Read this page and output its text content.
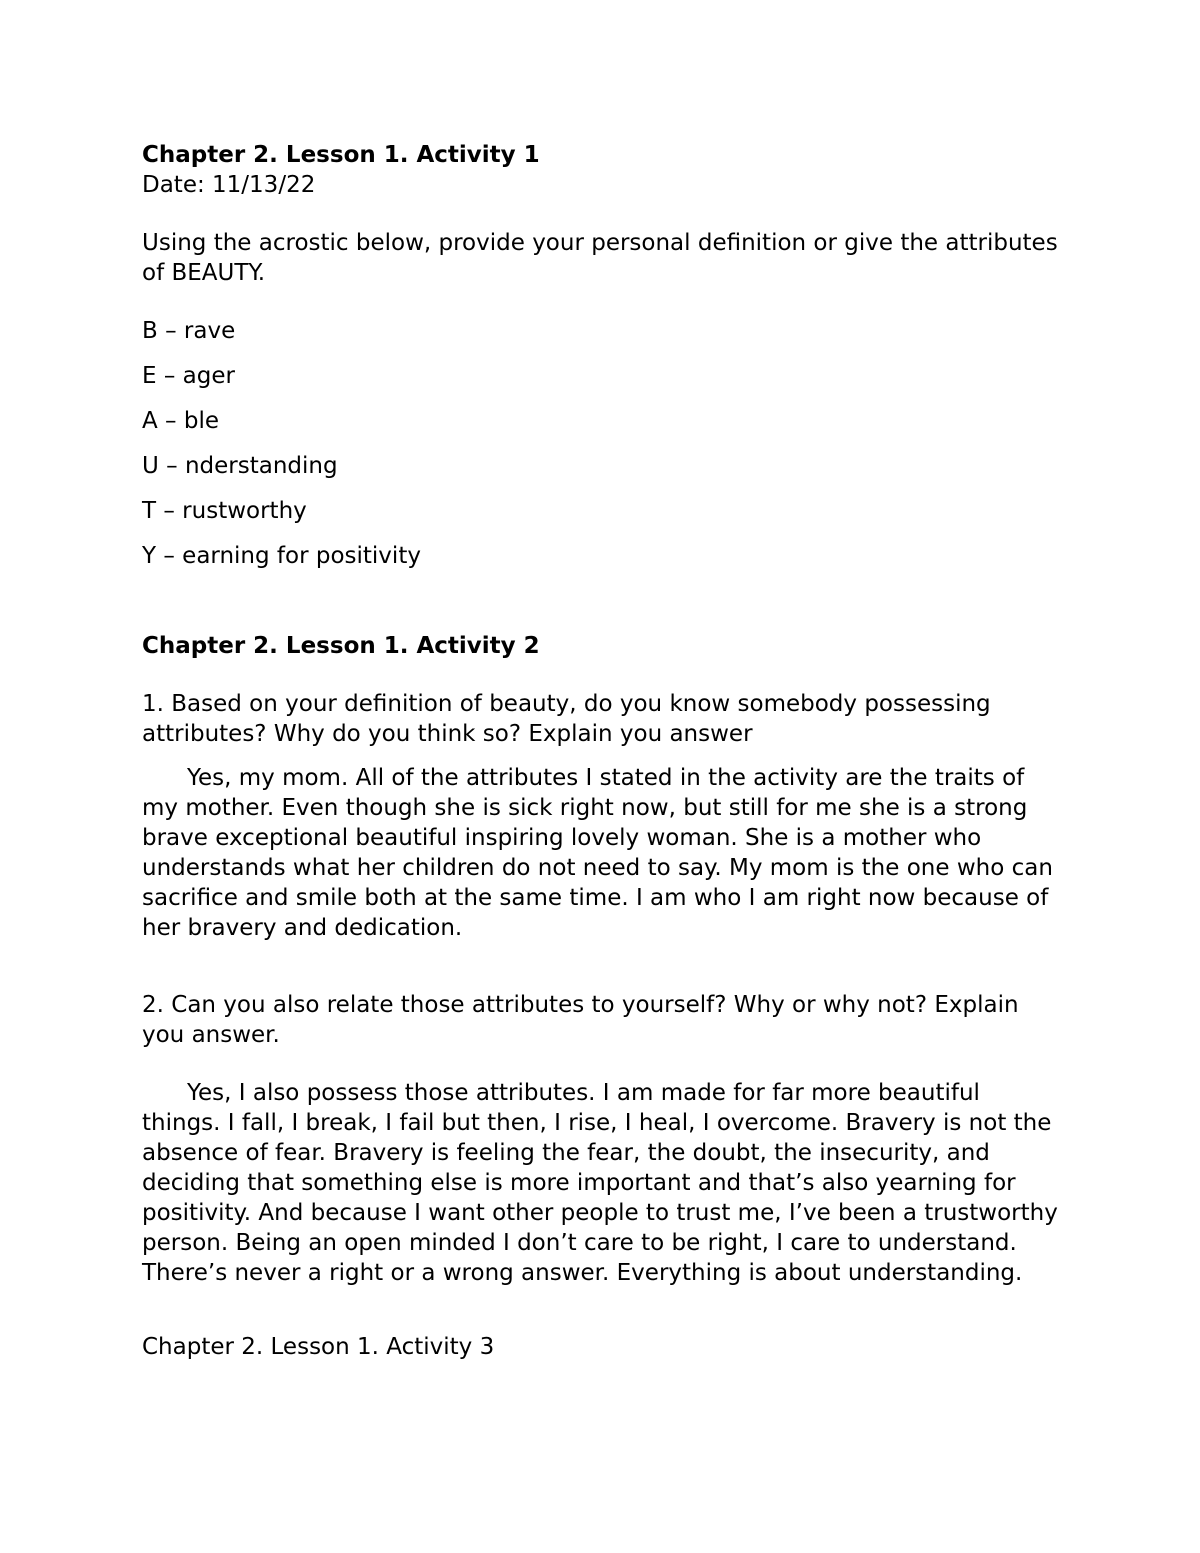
Chapter 2. Lesson 1. Activity 1

Date: 11/13/22

Using the acrostic below, provide your personal definition or give the attributes of BEAUTY.

B – rave
E – ager
A – ble
U – nderstanding
T – rustworthy
Y – earning for positivity

Chapter 2. Lesson 1. Activity 2

1. Based on your definition of beauty, do you know somebody possessing attributes? Why do you think so? Explain you answer

Yes, my mom. All of the attributes I stated in the activity are the traits of my mother. Even though she is sick right now, but still for me she is a strong brave exceptional beautiful inspiring lovely woman. She is a mother who understands what her children do not need to say. My mom is the one who can sacrifice and smile both at the same time. I am who I am right now because of her bravery and dedication.

2. Can you also relate those attributes to yourself? Why or why not? Explain you answer.

Yes, I also possess those attributes. I am made for far more beautiful things. I fall, I break, I fail but then, I rise, I heal, I overcome. Bravery is not the absence of fear. Bravery is feeling the fear, the doubt, the insecurity, and deciding that something else is more important and that’s also yearning for positivity. And because I want other people to trust me, I’ve been a trustworthy person. Being an open minded I don’t care to be right, I care to understand. There’s never a right or a wrong answer. Everything is about understanding.

Chapter 2. Lesson 1. Activity 3
